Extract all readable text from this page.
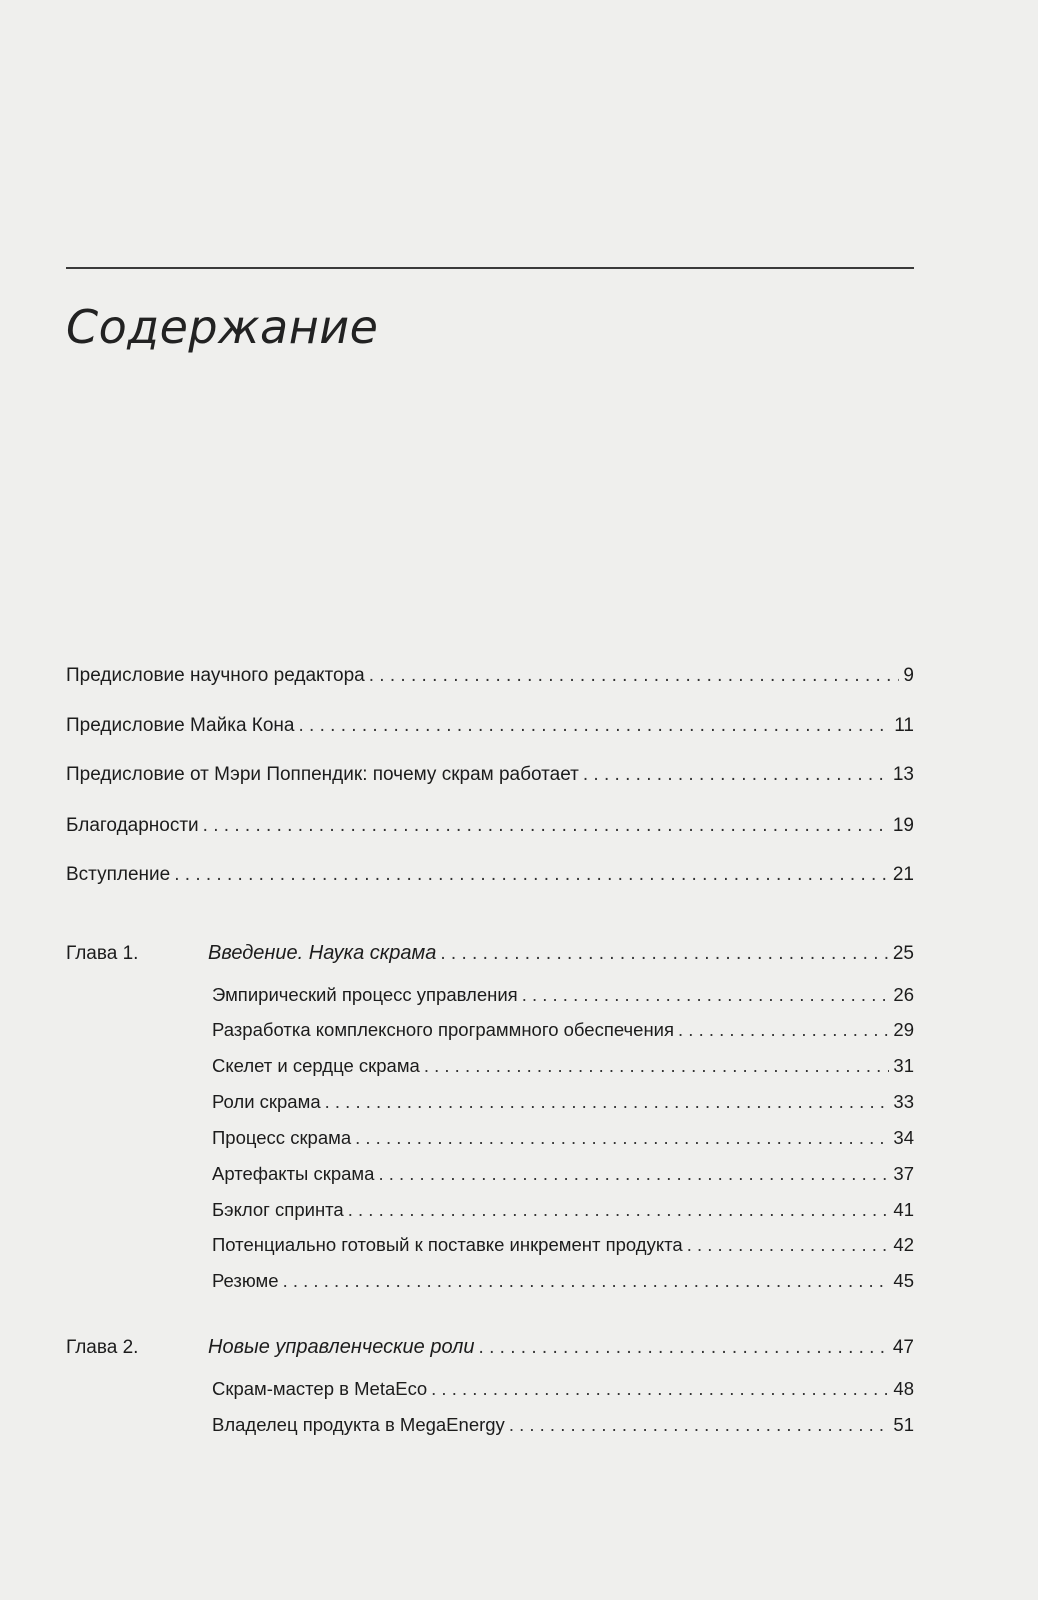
Содержание
Предисловие научного редактора . . .	9
Предисловие Майка Кона . . .	11
Предисловие от Мэри Поппендик: почему скрам работает . . .	13
Благодарности . . .	19
Вступление . . .	21
Глава 1.	Введение. Наука скрама . . .	25
Эмпирический процесс управления . . .	26
Разработка комплексного программного обеспечения . . .	29
Скелет и сердце скрама . . .	31
Роли скрама . . .	33
Процесс скрама . . .	34
Артефакты скрама . . .	37
Бэклог спринта . . .	41
Потенциально готовый к поставке инкремент продукта . . .	42
Резюме . . .	45
Глава 2.	Новые управленческие роли . . .	47
Скрам-мастер в MetaEco . . .	48
Владелец продукта в MegaEnergy . . .	51
